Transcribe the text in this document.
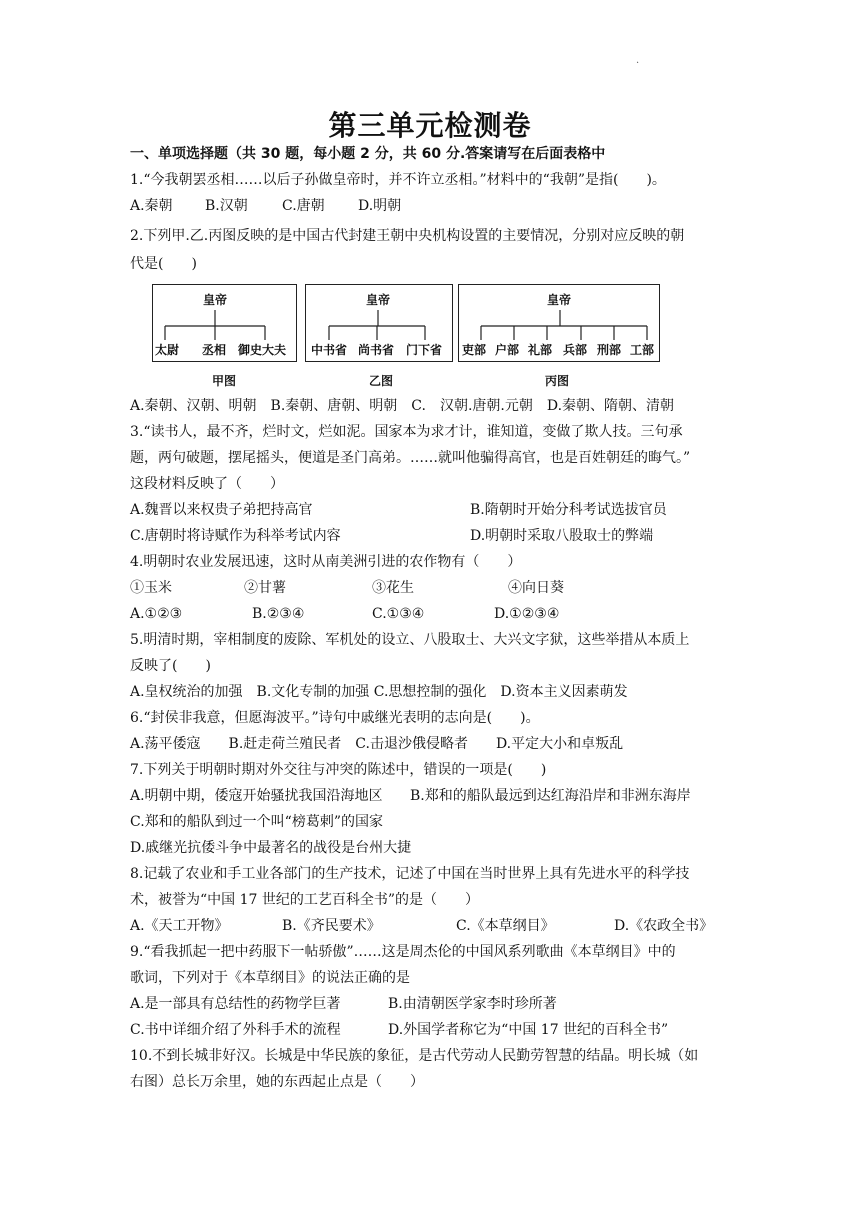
·
第三单元检测卷
一、单项选择题（共 30 题，每小题 2 分，共 60 分.答案请写在后面表格中
1.“今我朝罢丞相……以后子孙做皇帝时，并不许立丞相。”材料中的“我朝”是指(　　)。
A.秦朝 B.汉朝 C.唐朝 D.明朝
2.下列甲.乙.丙图反映的是中国古代封建王朝中央机构设置的主要情况，分别对应反映的朝
代是(　　)
皇帝
太尉 丞相 御史大夫
甲图
皇帝
中书省 尚书省 门下省
乙图
皇帝
吏部 户部 礼部 兵部 刑部 工部
丙图
A.秦朝、汉朝、明朝　B.秦朝、唐朝、明朝　C.　汉朝.唐朝.元朝　D.秦朝、隋朝、清朝
3.“读书人，最不齐，烂时文，烂如泥。国家本为求才计，谁知道，变做了欺人技。三句承
题，两句破题，摆尾摇头，便道是圣门高弟。……就叫他骗得高官，也是百姓朝廷的晦气。”
这段材料反映了（　　）
A.魏晋以来权贵子弟把持高官	B.隋朝时开始分科考试选拔官员
C.唐朝时将诗赋作为科举考试内容	D.明朝时采取八股取士的弊端
4.明朝时农业发展迅速，这时从南美洲引进的农作物有（　　）
①玉米	②甘薯	③花生	④向日葵
A.①②③	B.②③④	C.①③④	D.①②③④
5.明清时期，宰相制度的废除、军机处的设立、八股取士、大兴文字狱，这些举措从本质上
反映了(　　)
A.皇权统治的加强　B.文化专制的加强 C.思想控制的强化　D.资本主义因素萌发
6.“封侯非我意，但愿海波平。”诗句中戚继光表明的志向是(　　)。
A.荡平倭寇　　B.赶走荷兰殖民者　C.击退沙俄侵略者　　D.平定大小和卓叛乱
7.下列关于明朝时期对外交往与冲突的陈述中，错误的一项是(　　)
A.明朝中期，倭寇开始骚扰我国沿海地区 B.郑和的船队最远到达红海沿岸和非洲东海岸
C.郑和的船队到过一个叫“榜葛剌”的国家
D.戚继光抗倭斗争中最著名的战役是台州大捷
8.记载了农业和手工业各部门的生产技术，记述了中国在当时世界上具有先进水平的科学技
术，被誉为“中国 17 世纪的工艺百科全书”的是（　　）
A.《天工开物》	B.《齐民要术》	C.《本草纲目》	D.《农政全书》
9.“看我抓起一把中药服下一帖骄傲”……这是周杰伦的中国风系列歌曲《本草纲目》中的
歌词，下列对于《本草纲目》的说法正确的是
A.是一部具有总结性的药物学巨著	B.由清朝医学家李时珍所著
C.书中详细介绍了外科手术的流程	D.外国学者称它为“中国 17 世纪的百科全书”
10.不到长城非好汉。长城是中华民族的象征，是古代劳动人民勤劳智慧的结晶。明长城（如
右图）总长万余里，她的东西起止点是（　　）
